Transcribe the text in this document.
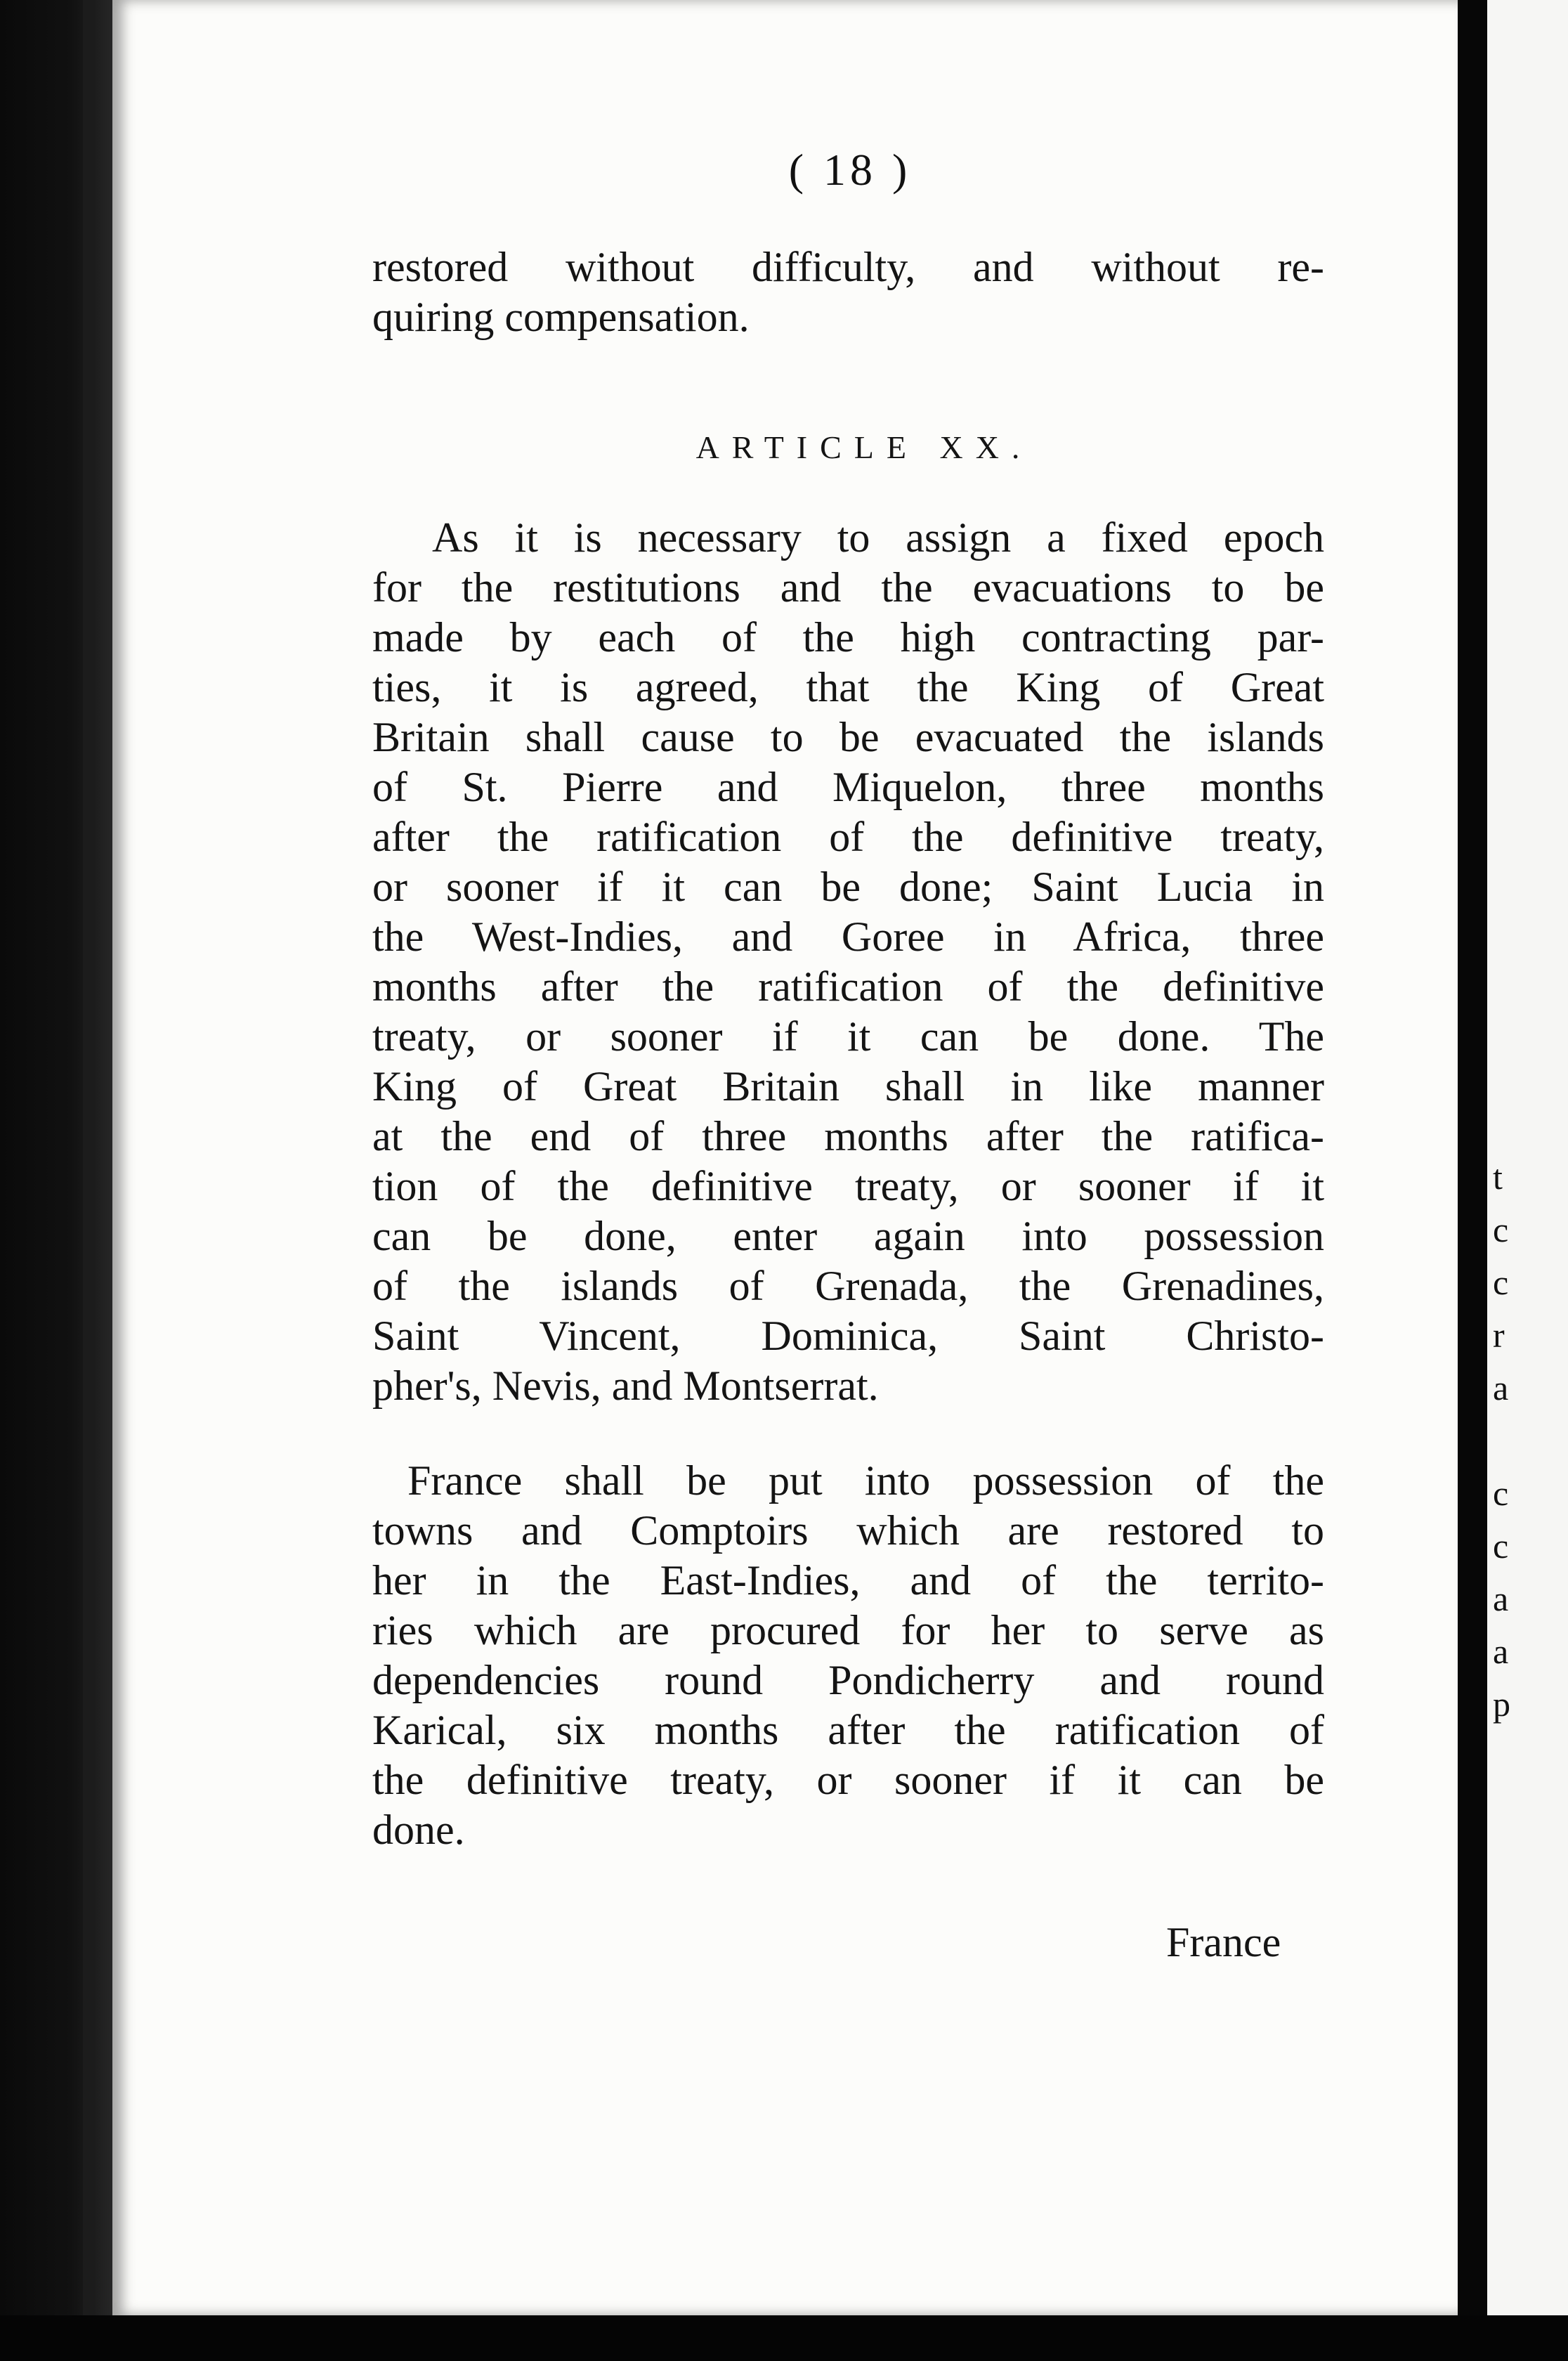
t
c
c
r
a
c
c
a
a
p
( 18 )
restored without difficulty, and without re-
quiring compensation.
ARTICLE XX.
As it is necessary to assign a fixed epoch
for the restitutions and the evacuations to be
made by each of the high contracting par-
ties, it is agreed, that the King of Great
Britain shall cause to be evacuated the islands
of St. Pierre and Miquelon, three months
after the ratification of the definitive treaty,
or sooner if it can be done; Saint Lucia in
the West-Indies, and Goree in Africa, three
months after the ratification of the definitive
treaty, or sooner if it can be done. The
King of Great Britain shall in like manner
at the end of three months after the ratifica-
tion of the definitive treaty, or sooner if it
can be done, enter again into possession
of the islands of Grenada, the Grenadines,
Saint Vincent, Dominica, Saint Christo-
pher's, Nevis, and Montserrat.
France shall be put into possession of the
towns and Comptoirs which are restored to
her in the East-Indies, and of the territo-
ries which are procured for her to serve as
dependencies round Pondicherry and round
Karical, six months after the ratification of
the definitive treaty, or sooner if it can be
done.
France
